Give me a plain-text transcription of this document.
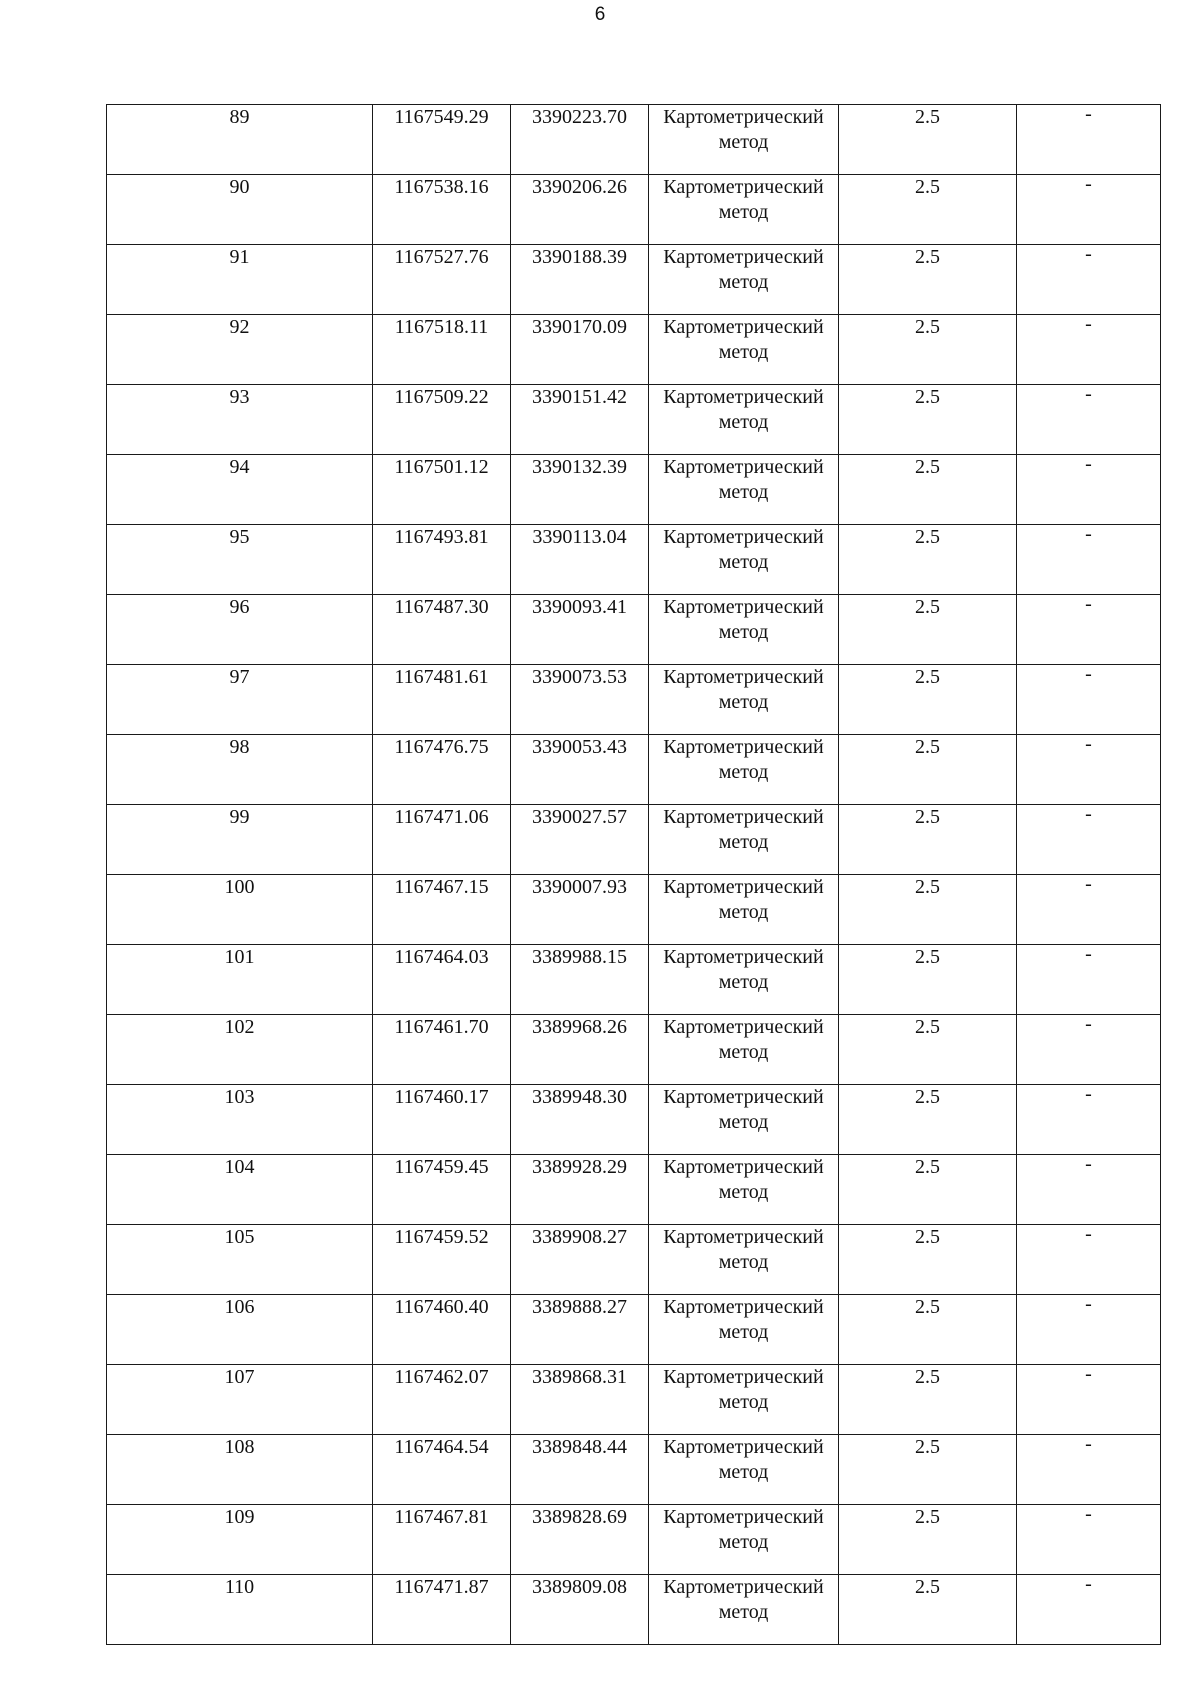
6
89	1167549.29	3390223.70	Картометрический
метод	2.5	-
90	1167538.16	3390206.26	Картометрический
метод	2.5	-
91	1167527.76	3390188.39	Картометрический
метод	2.5	-
92	1167518.11	3390170.09	Картометрический
метод	2.5	-
93	1167509.22	3390151.42	Картометрический
метод	2.5	-
94	1167501.12	3390132.39	Картометрический
метод	2.5	-
95	1167493.81	3390113.04	Картометрический
метод	2.5	-
96	1167487.30	3390093.41	Картометрический
метод	2.5	-
97	1167481.61	3390073.53	Картометрический
метод	2.5	-
98	1167476.75	3390053.43	Картометрический
метод	2.5	-
99	1167471.06	3390027.57	Картометрический
метод	2.5	-
100	1167467.15	3390007.93	Картометрический
метод	2.5	-
101	1167464.03	3389988.15	Картометрический
метод	2.5	-
102	1167461.70	3389968.26	Картометрический
метод	2.5	-
103	1167460.17	3389948.30	Картометрический
метод	2.5	-
104	1167459.45	3389928.29	Картометрический
метод	2.5	-
105	1167459.52	3389908.27	Картометрический
метод	2.5	-
106	1167460.40	3389888.27	Картометрический
метод	2.5	-
107	1167462.07	3389868.31	Картометрический
метод	2.5	-
108	1167464.54	3389848.44	Картометрический
метод	2.5	-
109	1167467.81	3389828.69	Картометрический
метод	2.5	-
110	1167471.87	3389809.08	Картометрический
метод	2.5	-
